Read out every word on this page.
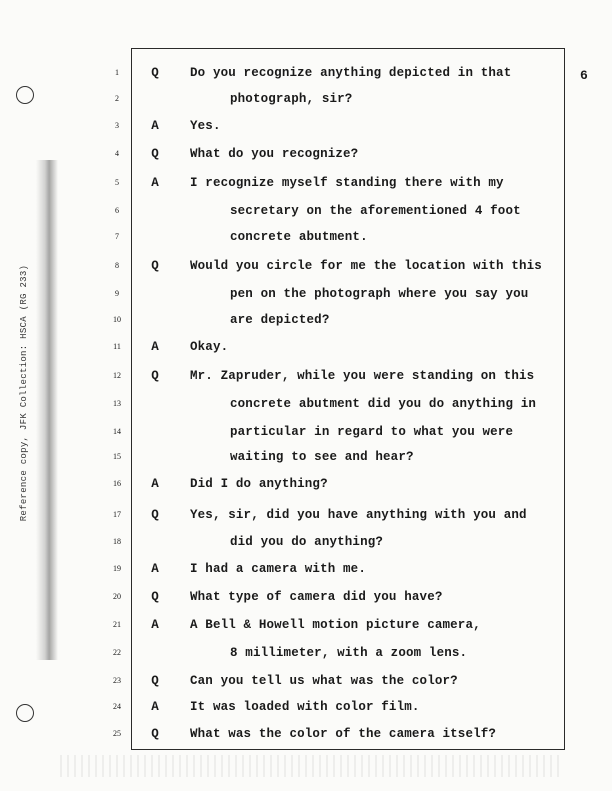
Reference copy, JFK Collection: HSCA (RG 233)
6
1	Q	Do you recognize anything depicted in that
2	photograph, sir?
3	A	Yes.
4	Q	What do you recognize?
5	A	I recognize myself standing there with my
6	secretary on the aforementioned 4 foot
7	concrete abutment.
8	Q	Would you circle for me the location with this
9	pen on the photograph where you say you
10	are depicted?
11	A	Okay.
12	Q	Mr. Zapruder, while you were standing on this
13	concrete abutment did you do anything in
14	particular in regard to what you were
15	waiting to see and hear?
16	A	Did I do anything?
17	Q	Yes, sir, did you have anything with you and
18	did you do anything?
19	A	I had a camera with me.
20	Q	What type of camera did you have?
21	A	A Bell & Howell motion picture camera,
22	8 millimeter, with a zoom lens.
23	Q	Can you tell us what was the color?
24	A	It was loaded with color film.
25	Q	What was the color of the camera itself?
